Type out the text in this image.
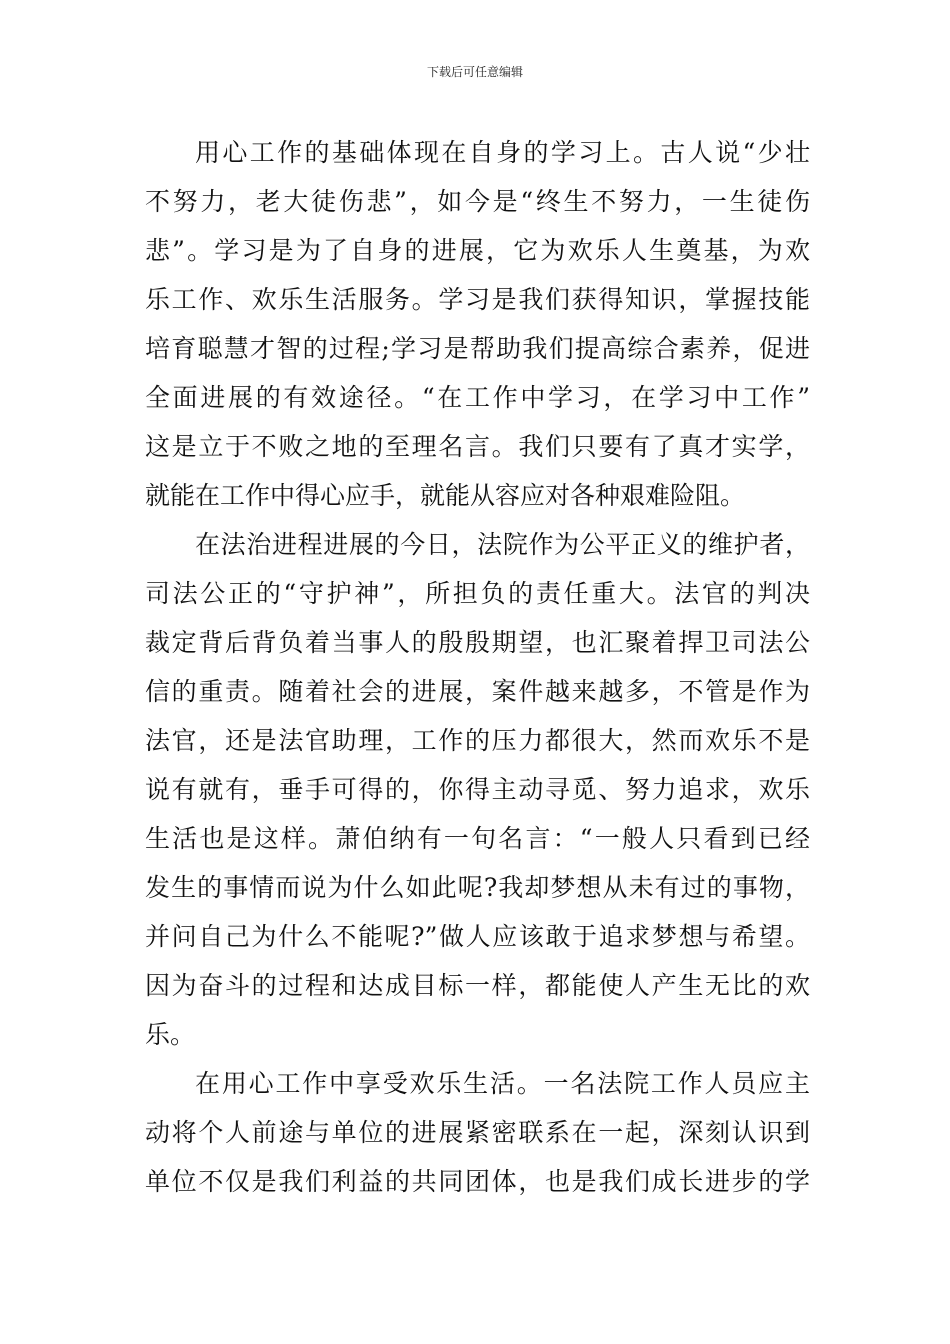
下载后可任意编辑
用心工作的基础体现在自身的学习上。古人说“少壮
不努力，老大徒伤悲”，如今是“终生不努力，一生徒伤
悲”。学习是为了自身的进展，它为欢乐人生奠基，为欢
乐工作、欢乐生活服务。学习是我们获得知识，掌握技能
培育聪慧才智的过程;学习是帮助我们提高综合素养，促进
全面进展的有效途径。“在工作中学习，在学习中工作”
这是立于不败之地的至理名言。我们只要有了真才实学，
就能在工作中得心应手，就能从容应对各种艰难险阻。
在法治进程进展的今日，法院作为公平正义的维护者，
司法公正的“守护神”，所担负的责任重大。法官的判决
裁定背后背负着当事人的殷殷期望，也汇聚着捍卫司法公
信的重责。随着社会的进展，案件越来越多，不管是作为
法官，还是法官助理，工作的压力都很大，然而欢乐不是
说有就有，垂手可得的，你得主动寻觅、努力追求，欢乐
生活也是这样。萧伯纳有一句名言：“一般人只看到已经
发生的事情而说为什么如此呢?我却梦想从未有过的事物，
并问自己为什么不能呢?”做人应该敢于追求梦想与希望。
因为奋斗的过程和达成目标一样，都能使人产生无比的欢
乐。
在用心工作中享受欢乐生活。一名法院工作人员应主
动将个人前途与单位的进展紧密联系在一起，深刻认识到
单位不仅是我们利益的共同团体，也是我们成长进步的学
